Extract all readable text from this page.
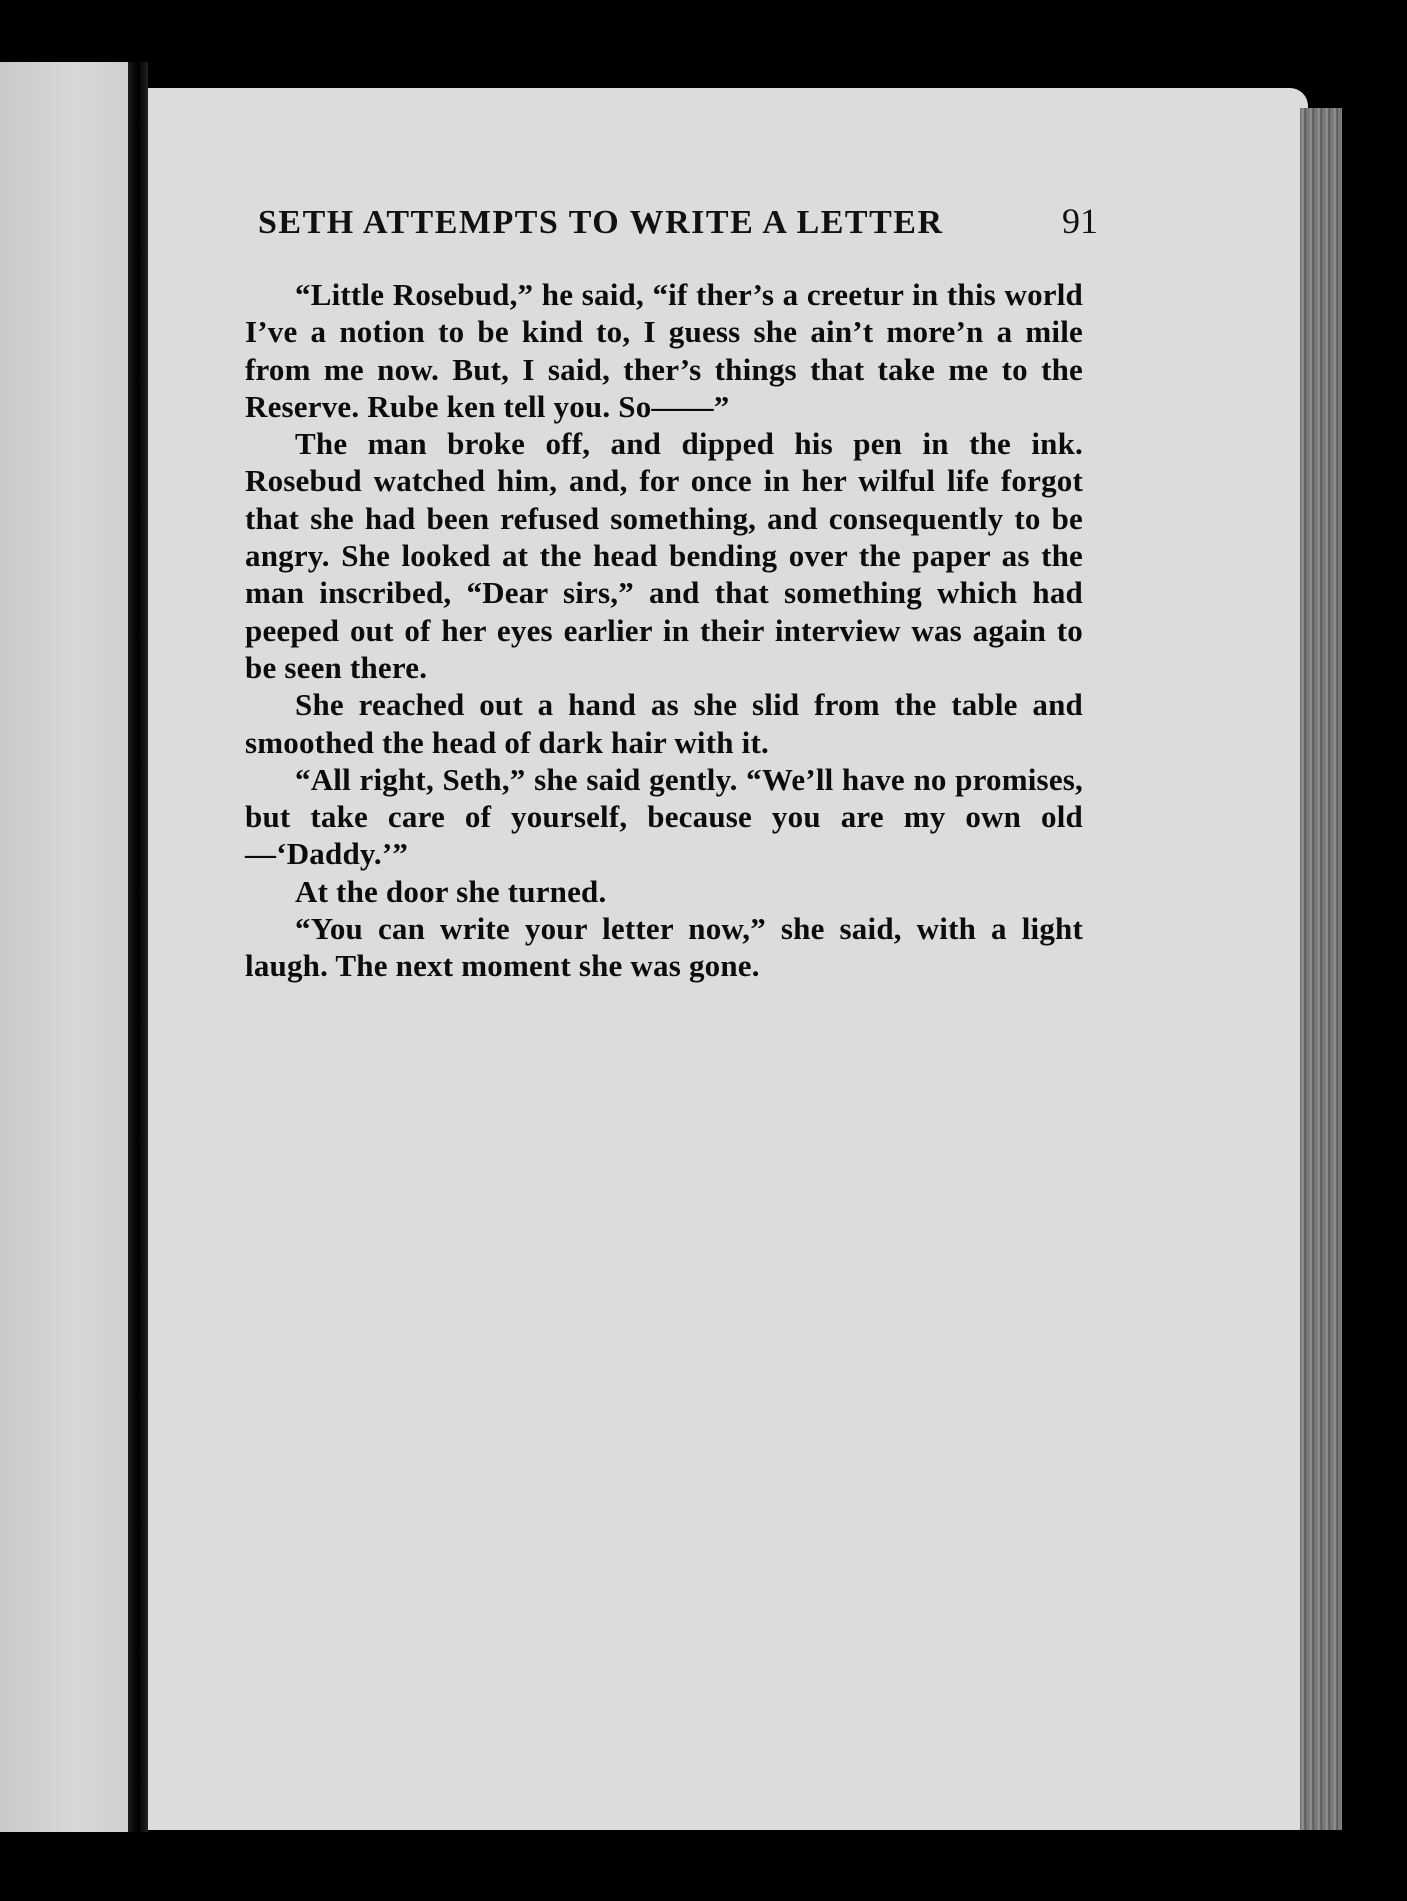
SETH ATTEMPTS TO WRITE A LETTER	91

“Little Rosebud,” he said, “if ther’s a creetur in this world I’ve a notion to be kind to, I guess she ain’t more’n a mile from me now. But, I said, ther’s things that take me to the Reserve. Rube ken tell you. So——”

The man broke off, and dipped his pen in the ink. Rosebud watched him, and, for once in her wilful life forgot that she had been refused something, and consequently to be angry. She looked at the head bending over the paper as the man inscribed, “Dear sirs,” and that something which had peeped out of her eyes earlier in their interview was again to be seen there.

She reached out a hand as she slid from the table and smoothed the head of dark hair with it.

“All right, Seth,” she said gently. “We’ll have no promises, but take care of yourself, because you are my own old—‘Daddy.’”

At the door she turned.

“You can write your letter now,” she said, with a light laugh. The next moment she was gone.
